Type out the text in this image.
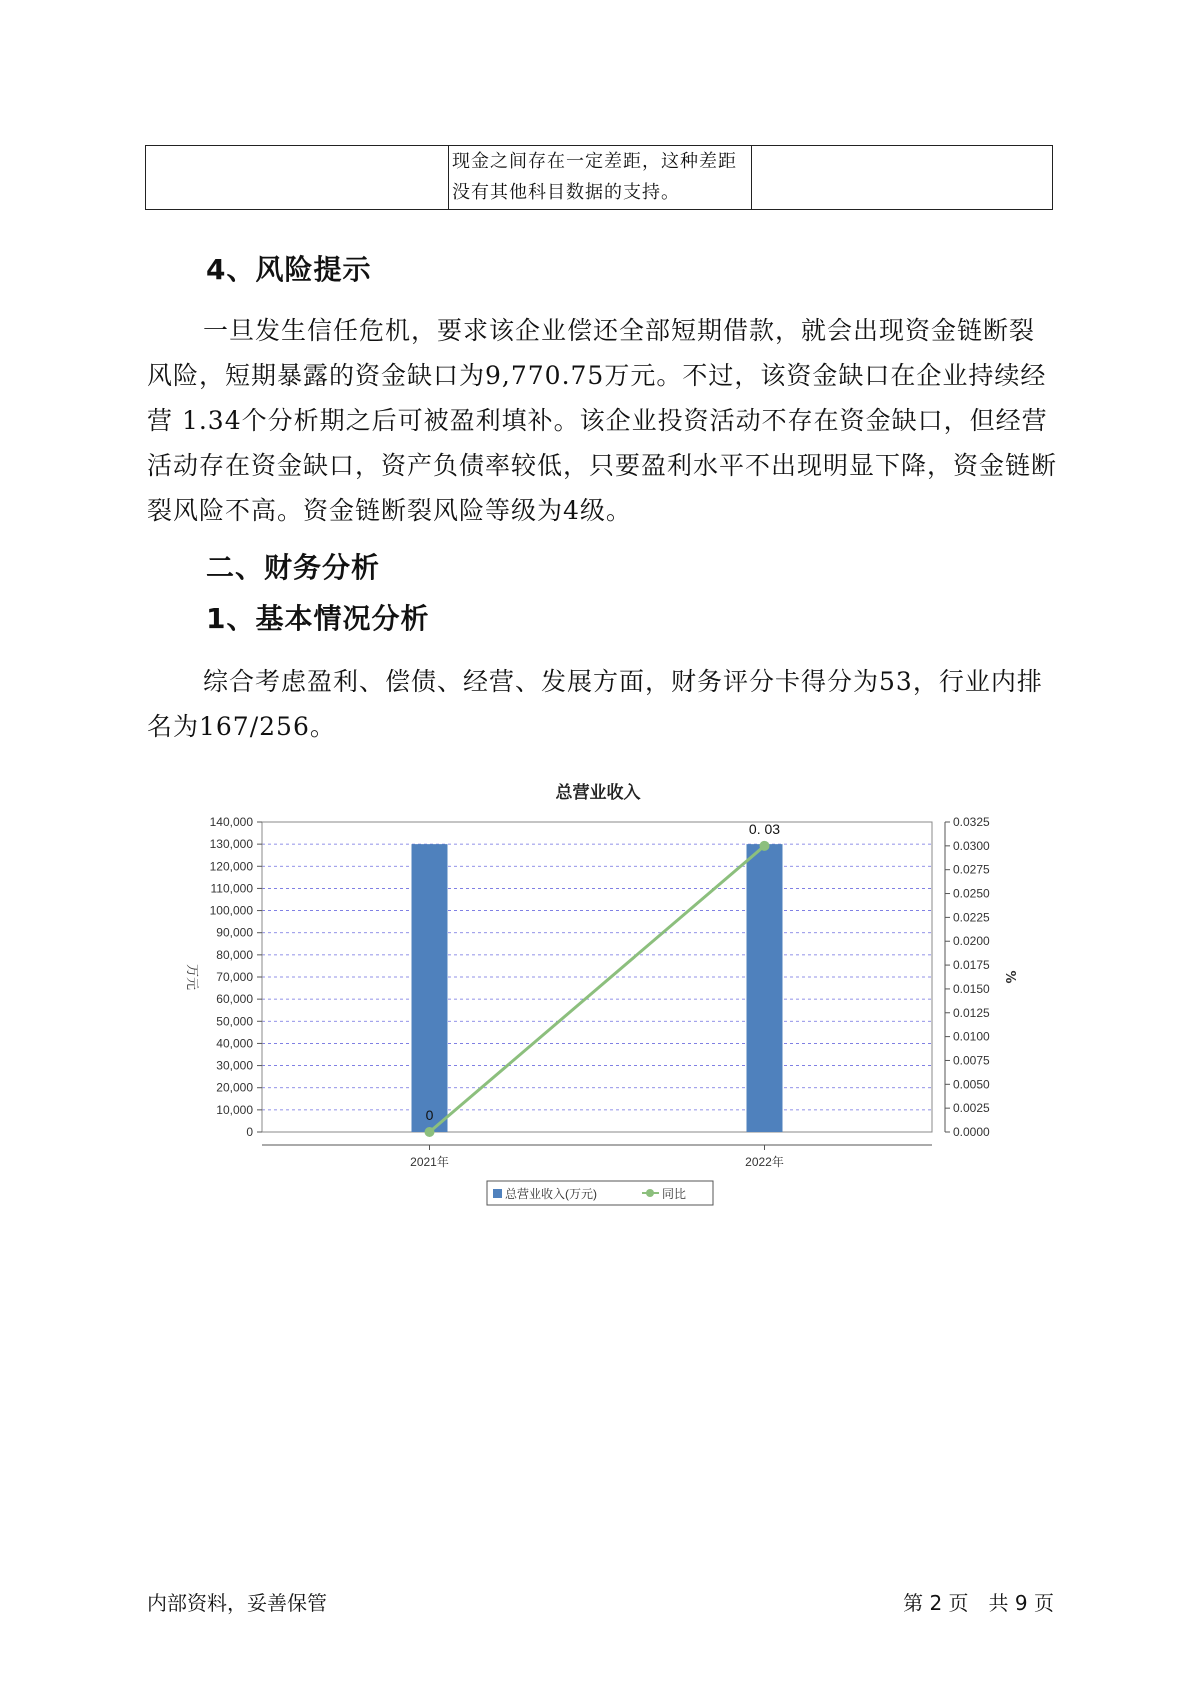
现金之间存在一定差距，这种差距
没有其他科目数据的支持。

4、风险提示

一旦发生信任危机，要求该企业偿还全部短期借款，就会出现资金链断裂风险，短期暴露的资金缺口为9,770.75万元。不过，该资金缺口在企业持续经营 1.34个分析期之后可被盈利填补。该企业投资活动不存在资金缺口，但经营活动存在资金缺口，资产负债率较低，只要盈利水平不出现明显下降，资金链断裂风险不高。资金链断裂风险等级为4级。

二、财务分析
1、基本情况分析

综合考虑盈利、偿债、经营、发展方面，财务评分卡得分为53，行业内排名为167/256。

总营业收入
0
10,000
20,000
30,000
40,000
50,000
60,000
70,000
80,000
90,000
100,000
110,000
120,000
130,000
140,000
0.0000
0.0025
0.0050
0.0075
0.0100
0.0125
0.0150
0.0175
0.0200
0.0225
0.0250
0.0275
0.0300
0.0325
万元	%
0
0. 03
2021年	2022年
总营业收入(万元)	同比
内部资料，妥善保管	第 2 页　共 9 页
